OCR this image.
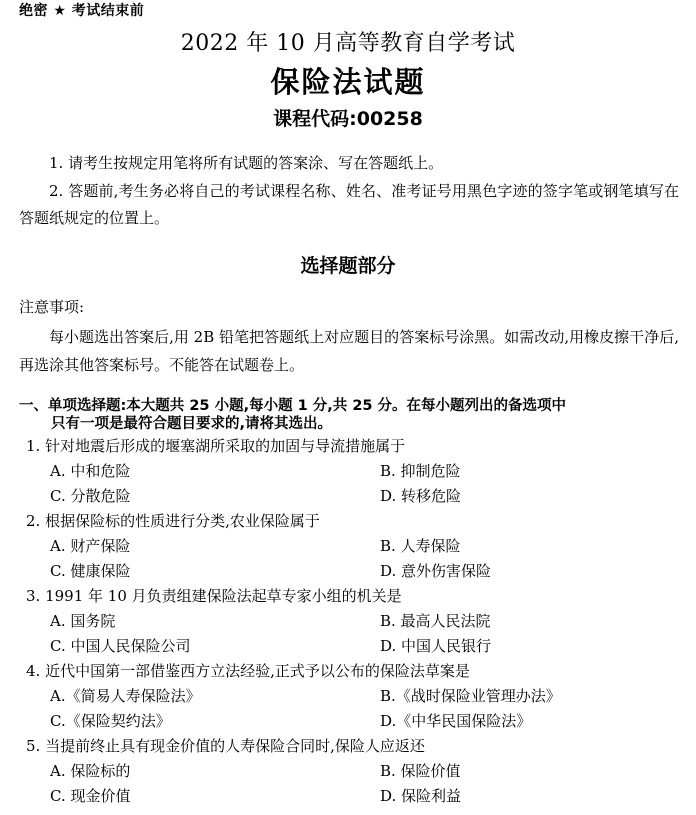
绝密 ★ 考试结束前
2022 年 10 月高等教育自学考试
保险法试题
课程代码:00258
1. 请考生按规定用笔将所有试题的答案涂、写在答题纸上。
2. 答题前,考生务必将自己的考试课程名称、姓名、准考证号用黑色字迹的签字笔或钢笔填写在答题纸规定的位置上。
选择题部分
注意事项:
每小题选出答案后,用 2B 铅笔把答题纸上对应题目的答案标号涂黑。如需改动,用橡皮擦干净后,再选涂其他答案标号。不能答在试题卷上。
一、单项选择题:本大题共 25 小题,每小题 1 分,共 25 分。在每小题列出的备选项中
只有一项是最符合题目要求的,请将其选出。
1. 针对地震后形成的堰塞湖所采取的加固与导流措施属于
A. 中和危险	B. 抑制危险
C. 分散危险	D. 转移危险
2. 根据保险标的性质进行分类,农业保险属于
A. 财产保险	B. 人寿保险
C. 健康保险	D. 意外伤害保险
3. 1991 年 10 月负责组建保险法起草专家小组的机关是
A. 国务院	B. 最高人民法院
C. 中国人民保险公司	D. 中国人民银行
4. 近代中国第一部借鉴西方立法经验,正式予以公布的保险法草案是
A.《简易人寿保险法》	B.《战时保险业管理办法》
C.《保险契约法》	D.《中华民国保险法》
5. 当提前终止具有现金价值的人寿保险合同时,保险人应返还
A. 保险标的	B. 保险价值
C. 现金价值	D. 保险利益
